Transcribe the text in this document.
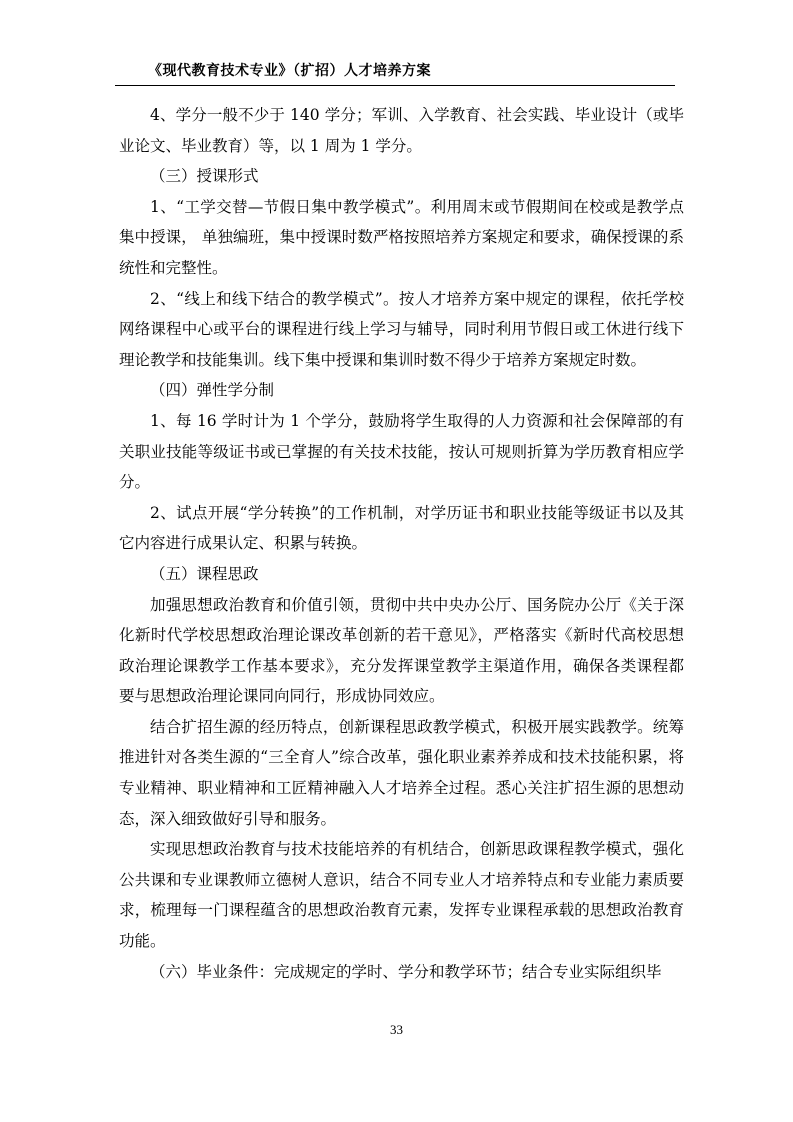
《现代教育技术专业》（扩招）人才培养方案

4、学分一般不少于 140 学分；军训、入学教育、社会实践、毕业设计（或毕业论文、毕业教育）等，以 1 周为 1 学分。

（三）授课形式

1、“工学交替—节假日集中教学模式”。利用周末或节假期间在校或是教学点集中授课， 单独编班，集中授课时数严格按照培养方案规定和要求，确保授课的系统性和完整性。

2、“线上和线下结合的教学模式”。按人才培养方案中规定的课程，依托学校网络课程中心或平台的课程进行线上学习与辅导，同时利用节假日或工休进行线下理论教学和技能集训。线下集中授课和集训时数不得少于培养方案规定时数。

（四）弹性学分制

1、每 16 学时计为 1 个学分，鼓励将学生取得的人力资源和社会保障部的有关职业技能等级证书或已掌握的有关技术技能，按认可规则折算为学历教育相应学分。

2、试点开展“学分转换”的工作机制，对学历证书和职业技能等级证书以及其它内容进行成果认定、积累与转换。

（五）课程思政

加强思想政治教育和价值引领，贯彻中共中央办公厅、国务院办公厅《关于深化新时代学校思想政治理论课改革创新的若干意见》，严格落实《新时代高校思想政治理论课教学工作基本要求》，充分发挥课堂教学主渠道作用，确保各类课程都要与思想政治理论课同向同行，形成协同效应。

结合扩招生源的经历特点，创新课程思政教学模式，积极开展实践教学。统筹推进针对各类生源的“三全育人”综合改革，强化职业素养养成和技术技能积累，将专业精神、职业精神和工匠精神融入人才培养全过程。悉心关注扩招生源的思想动态，深入细致做好引导和服务。

实现思想政治教育与技术技能培养的有机结合，创新思政课程教学模式，强化公共课和专业课教师立德树人意识，结合不同专业人才培养特点和专业能力素质要求，梳理每一门课程蕴含的思想政治教育元素，发挥专业课程承载的思想政治教育功能。

（六）毕业条件：完成规定的学时、学分和教学环节；结合专业实际组织毕

33
